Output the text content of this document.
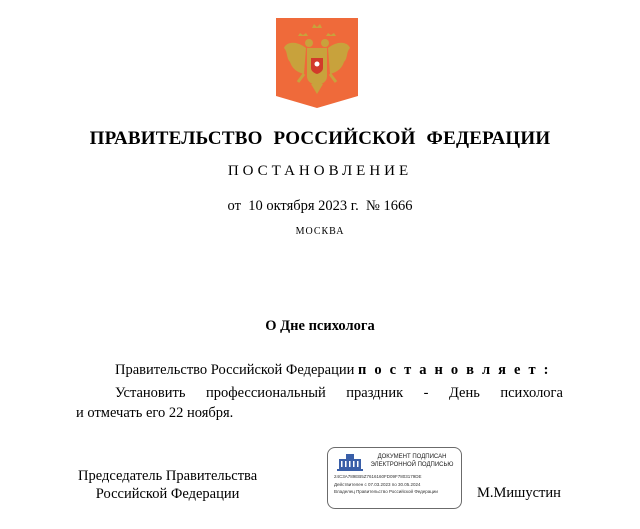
ПРАВИТЕЛЬСТВО РОССИЙСКОЙ ФЕДЕРАЦИИ
ПОСТАНОВЛЕНИЕ
от 10 октября 2023 г. № 1666
МОСКВА
О Дне психолога
Правительство Российской Федерации п о с т а н о в л я е т :
Установить профессиональный праздник - День психолога
и отмечать его 22 ноября.
Председатель Правительства
Российской Федерации
ДОКУМЕНТ ПОДПИСАН ЭЛЕКТРОННОЙ ПОДПИСЬЮ
24C3A789EB5Z7616160FD09F7803179DE
Действителен с 07.03.2023 по 30.05.2024
Владелец Правительство Российской Федерации	М.Мишустин
